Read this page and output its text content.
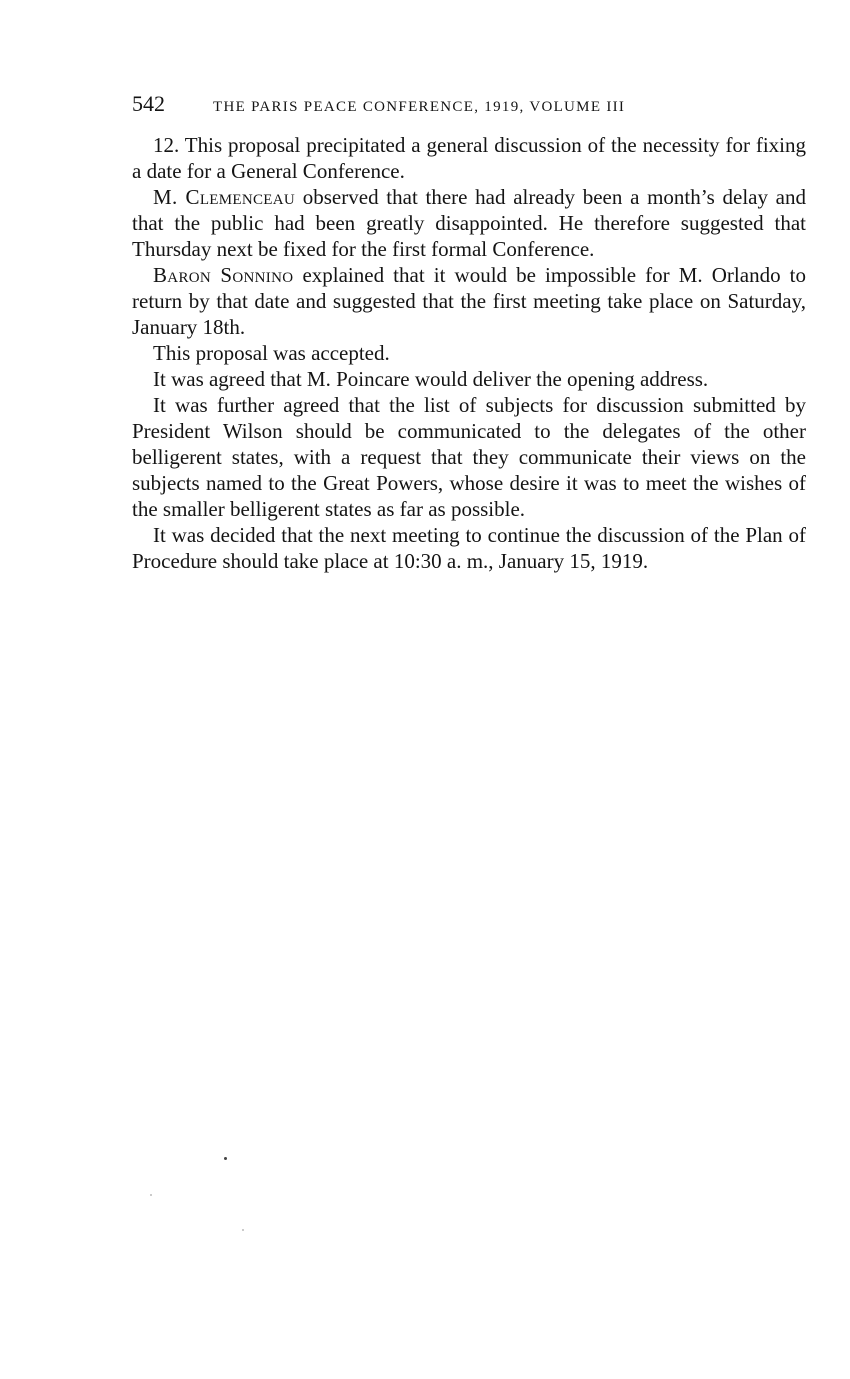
542	THE PARIS PEACE CONFERENCE, 1919, VOLUME III

12. This proposal precipitated a general discussion of the necessity for fixing a date for a General Conference.

M. Clemenceau observed that there had already been a month’s delay and that the public had been greatly disappointed. He therefore suggested that Thursday next be fixed for the first formal Conference.

Baron Sonnino explained that it would be impossible for M. Orlando to return by that date and suggested that the first meeting take place on Saturday, January 18th.

This proposal was accepted.

It was agreed that M. Poincare would deliver the opening address.

It was further agreed that the list of subjects for discussion submitted by President Wilson should be communicated to the delegates of the other belligerent states, with a request that they communicate their views on the subjects named to the Great Powers, whose desire it was to meet the wishes of the smaller belligerent states as far as possible.

It was decided that the next meeting to continue the discussion of the Plan of Procedure should take place at 10:30 a. m., January 15, 1919.
